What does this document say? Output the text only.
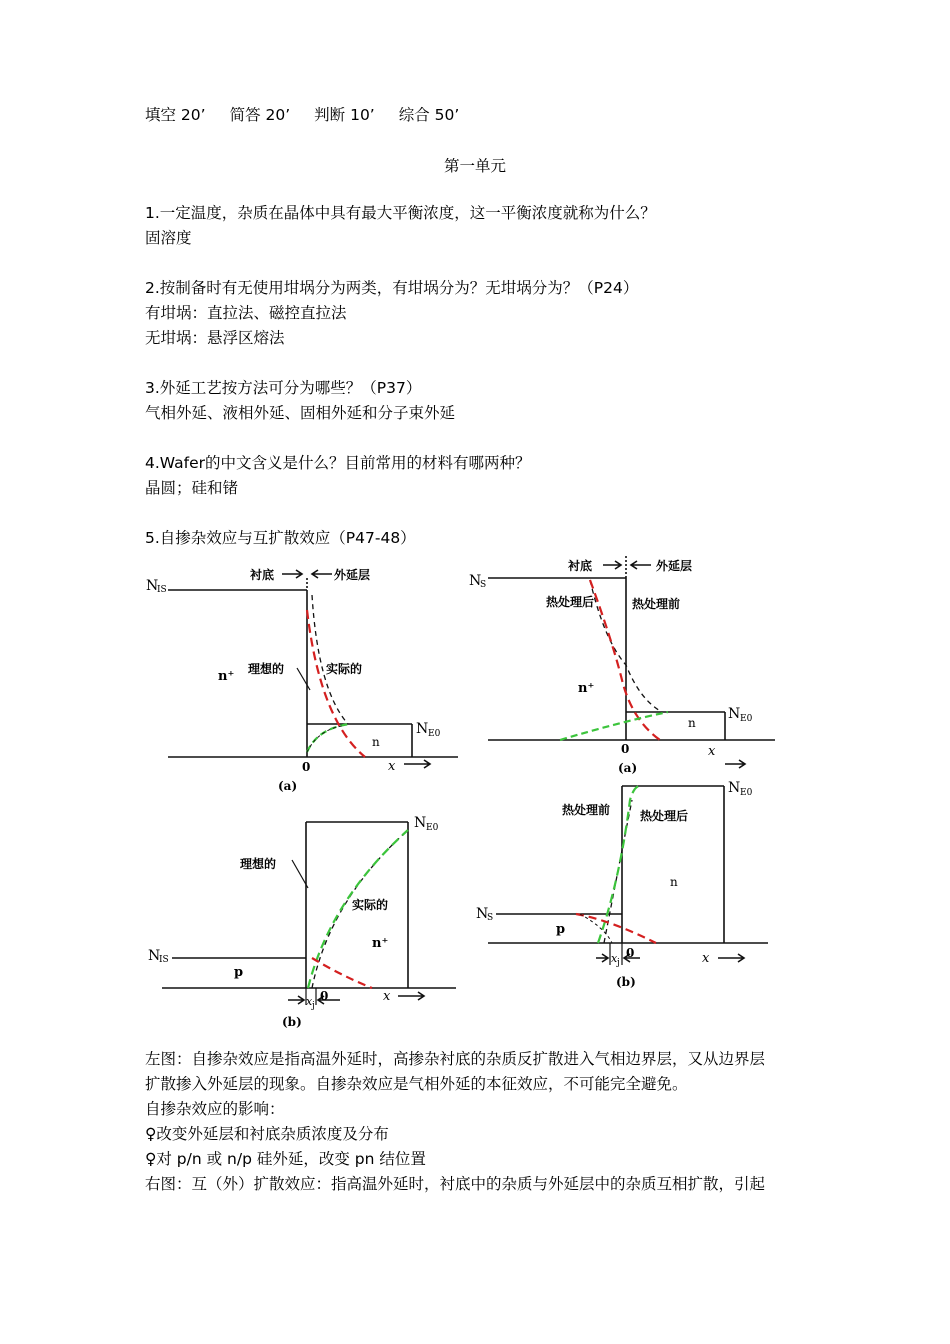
填空 20’ 简答 20’ 判断 10’ 综合 50’
第一单元
1.一定温度，杂质在晶体中具有最大平衡浓度，这一平衡浓度就称为什么？
固溶度
2.按制备时有无使用坩埚分为两类，有坩埚分为？无坩埚分为？（P24）
有坩埚：直拉法、磁控直拉法
无坩埚：悬浮区熔法
3.外延工艺按方法可分为哪些？（P37）
气相外延、液相外延、固相外延和分子束外延
4.Wafer的中文含义是什么？目前常用的材料有哪两种？
晶圆；硅和锗
5.自掺杂效应与互扩散效应（P47-48）
衬底	外延层
N
IS
理想的	实际的
n⁺
n
N E0
0	x
(a)
衬底	外延层
N
S
热处理后	热处理前
n⁺
n
N E0
0	x
(a)
N
IS
理想的
实际的
n⁺
p
N E0
0
x j
x
(b)
N
S
热处理前 热处理后
n
p
N E0
0
x j	x
(b)
左图：自掺杂效应是指高温外延时，高掺杂衬底的杂质反扩散进入气相边界层，又从边界层
扩散掺入外延层的现象。自掺杂效应是气相外延的本征效应，不可能完全避免。
自掺杂效应的影响：
♀改变外延层和衬底杂质浓度及分布
♀对 p/n 或 n/p 硅外延，改变 pn 结位置
右图：互（外）扩散效应：指高温外延时，衬底中的杂质与外延层中的杂质互相扩散，引起
